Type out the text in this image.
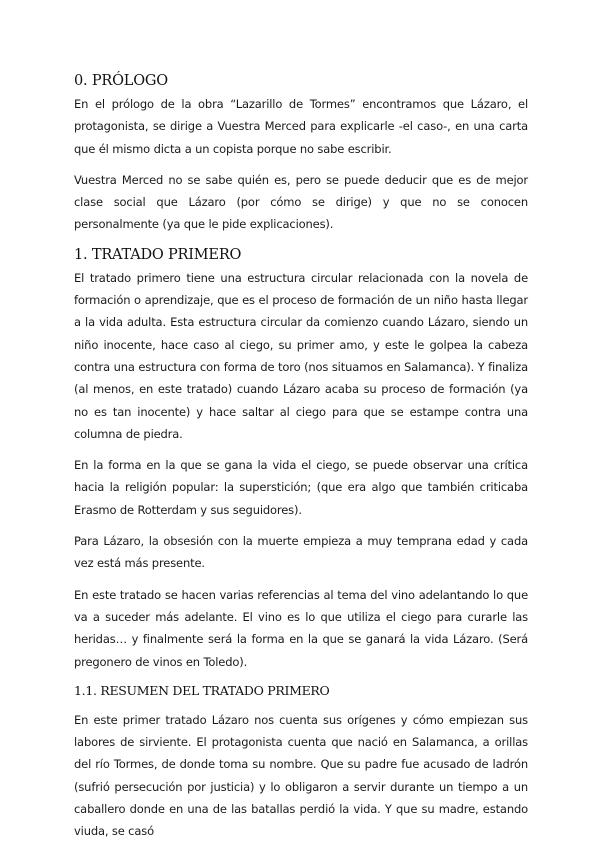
0. PRÓLOGO

En el prólogo de la obra “Lazarillo de Tormes” encontramos que Lázaro, el protagonista, se dirige a Vuestra Merced para explicarle -el caso-, en una carta que él mismo dicta a un copista porque no sabe escribir.

Vuestra Merced no se sabe quién es, pero se puede deducir que es de mejor clase social que Lázaro (por cómo se dirige) y que no se conocen personalmente (ya que le pide explicaciones).

1. TRATADO PRIMERO

El tratado primero tiene una estructura circular relacionada con la novela de formación o aprendizaje, que es el proceso de formación de un niño hasta llegar a la vida adulta. Esta estructura circular da comienzo cuando Lázaro, siendo un niño inocente, hace caso al ciego, su primer amo, y este le golpea la cabeza contra una estructura con forma de toro (nos situamos en Salamanca). Y finaliza (al menos, en este tratado) cuando Lázaro acaba su proceso de formación (ya no es tan inocente) y hace saltar al ciego para que se estampe contra una columna de piedra.

En la forma en la que se gana la vida el ciego, se puede observar una crítica hacia la religión popular: la superstición; (que era algo que también criticaba Erasmo de Rotterdam y sus seguidores).

Para Lázaro, la obsesión con la muerte empieza a muy temprana edad y cada vez está más presente.

En este tratado se hacen varias referencias al tema del vino adelantando lo que va a suceder más adelante. El vino es lo que utiliza el ciego para curarle las heridas… y finalmente será la forma en la que se ganará la vida Lázaro. (Será pregonero de vinos en Toledo).

1.1. RESUMEN DEL TRATADO PRIMERO

En este primer tratado Lázaro nos cuenta sus orígenes y cómo empiezan sus labores de sirviente. El protagonista cuenta que nació en Salamanca, a orillas del río Tormes, de donde toma su nombre. Que su padre fue acusado de ladrón (sufrió persecución por justicia) y lo obligaron a servir durante un tiempo a un caballero donde en una de las batallas perdió la vida. Y que su madre, estando viuda, se casó
